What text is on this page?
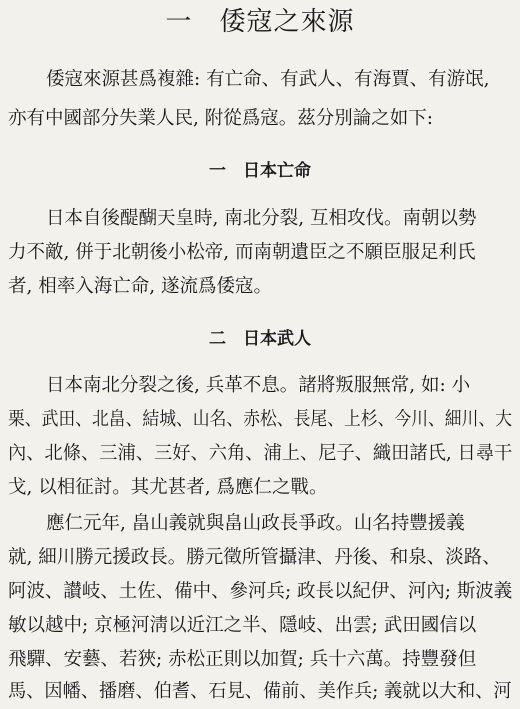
一　倭寇之來源
倭寇來源甚爲複雜: 有亡命、有武人、有海賈、有游氓,
亦有中國部分失業人民, 附從爲寇。茲分別論之如下:
一　日本亡命
日本自後醍醐天皇時, 南北分裂, 互相攻伐。南朝以勢
力不敵, 併于北朝後小松帝, 而南朝遺臣之不願臣服足利氏
者, 相率入海亡命, 遂流爲倭寇。
二　日本武人
日本南北分裂之後, 兵革不息。諸將叛服無常, 如: 小
栗、武田、北畠、結城、山名、赤松、長尾、上杉、今川、細川、大
內、北條、三浦、三好、六角、浦上、尼子、織田諸氏, 日尋干
戈, 以相征討。其尤甚者, 爲應仁之戰。
應仁元年, 畠山義就與畠山政長爭政。山名持豐援義
就, 細川勝元援政長。勝元徵所管攝津、丹後、和泉、淡路、
阿波、讃岐、土佐、備中、參河兵; 政長以紀伊、河內; 斯波義
敏以越中; 京極河淸以近江之半、隱岐、出雲; 武田國信以
飛驒、安藝、若狹; 赤松正則以加賀; 兵十六萬。持豐發但
馬、因幡、播磨、伯耆、石見、備前、美作兵; 義就以大和、河
